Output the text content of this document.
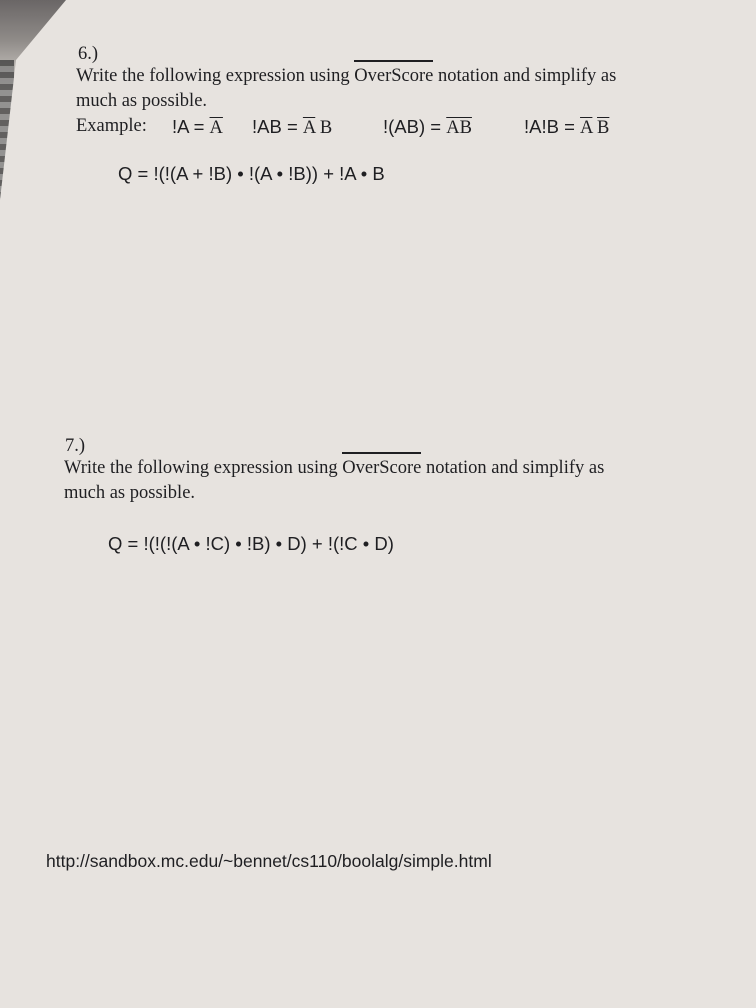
6.)
Write the following expression using OverScore notation and simplify as
much as possible.
Example: $!A = \overline{A}$ $!AB = \overline{A}$ B	$!(AB) = \overline{AB}$	$!A!B = \overline{A}$ $\overline{B}$
Q = !(!(A + !B) • !(A • !B)) + !A • B
7.)
Write the following expression using OverScore notation and simplify as
much as possible.
Q = !(!(!(A • !C) • !B) • D) + !(!C • D)
http://sandbox.mc.edu/~bennet/cs110/boolalg/simple.html
